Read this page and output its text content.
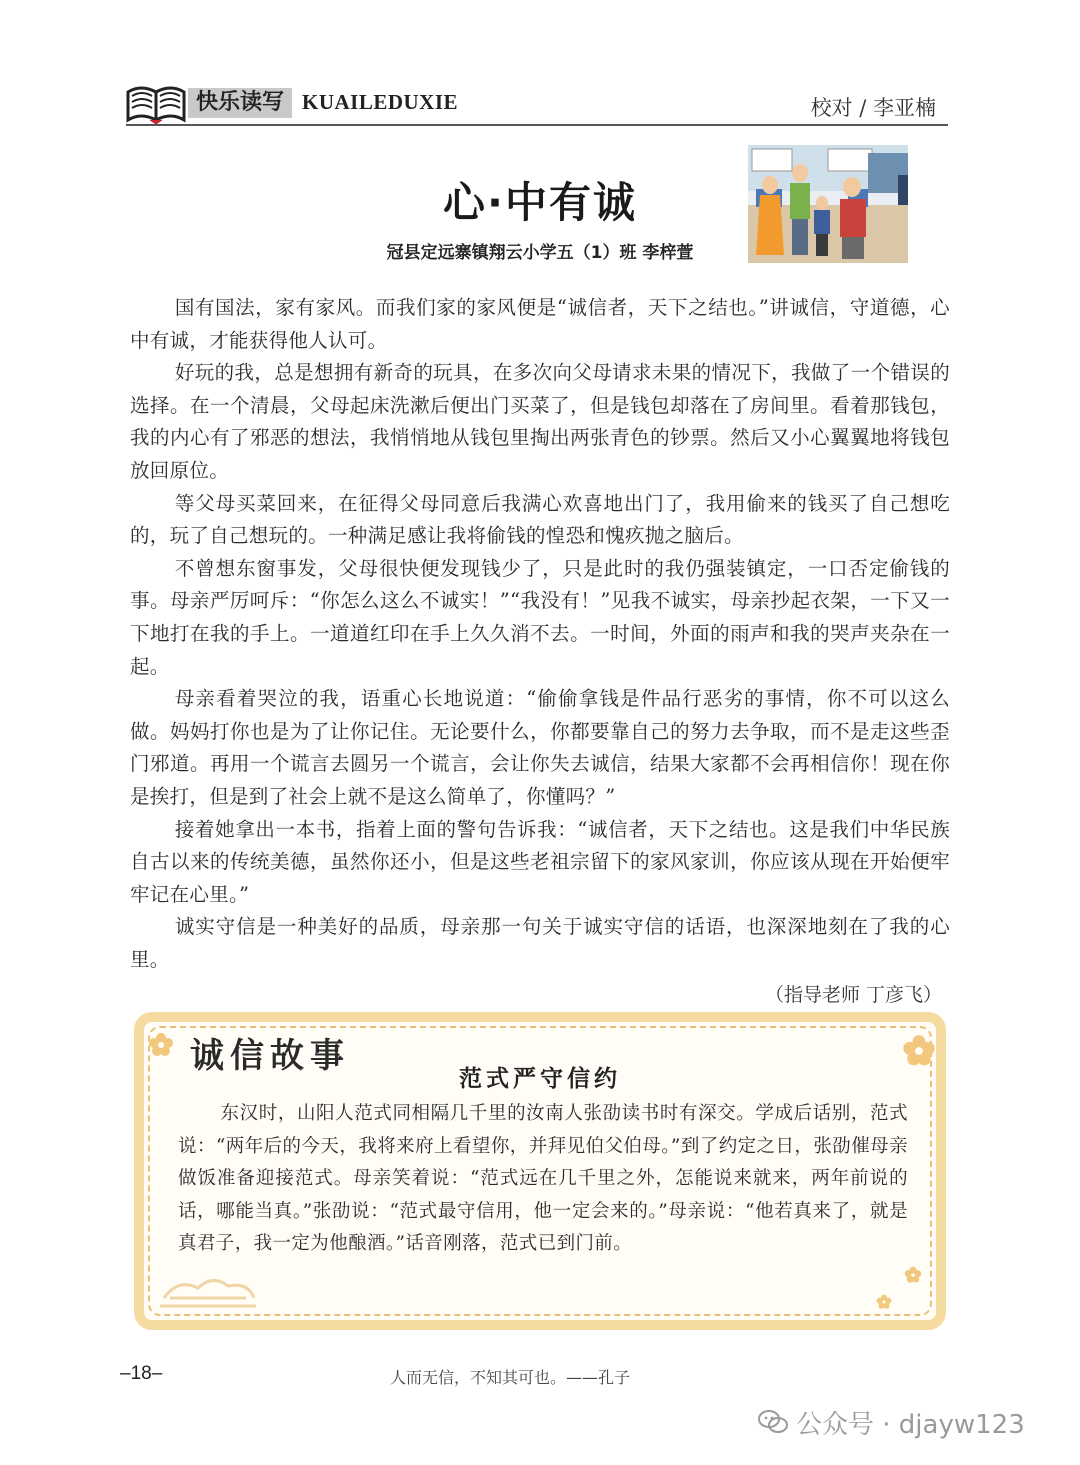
快乐读写 KUAILEDUXIE	校对 / 李亚楠
心·中有诚
冠县定远寨镇翔云小学五（1）班 李梓萱

国有国法，家有家风。而我们家的家风便是“诚信者，天下之结也。”讲诚信，守道德，心中有诚，才能获得他人认可。

好玩的我，总是想拥有新奇的玩具，在多次向父母请求未果的情况下，我做了一个错误的选择。在一个清晨，父母起床洗漱后便出门买菜了，但是钱包却落在了房间里。看着那钱包，我的内心有了邪恶的想法，我悄悄地从钱包里掏出两张青色的钞票。然后又小心翼翼地将钱包放回原位。

等父母买菜回来，在征得父母同意后我满心欢喜地出门了，我用偷来的钱买了自己想吃的，玩了自己想玩的。一种满足感让我将偷钱的惶恐和愧疚抛之脑后。

不曾想东窗事发，父母很快便发现钱少了，只是此时的我仍强装镇定，一口否定偷钱的事。母亲严厉呵斥：“你怎么这么不诚实！”“我没有！”见我不诚实，母亲抄起衣架，一下又一下地打在我的手上。一道道红印在手上久久消不去。一时间，外面的雨声和我的哭声夹杂在一起。

母亲看着哭泣的我，语重心长地说道：“偷偷拿钱是件品行恶劣的事情，你不可以这么做。妈妈打你也是为了让你记住。无论要什么，你都要靠自己的努力去争取，而不是走这些歪门邪道。再用一个谎言去圆另一个谎言，会让你失去诚信，结果大家都不会再相信你！现在你是挨打，但是到了社会上就不是这么简单了，你懂吗？”

接着她拿出一本书，指着上面的警句告诉我：“诚信者，天下之结也。这是我们中华民族自古以来的传统美德，虽然你还小，但是这些老祖宗留下的家风家训，你应该从现在开始便牢牢记在心里。”

诚实守信是一种美好的品质，母亲那一句关于诚实守信的话语，也深深地刻在了我的心里。

（指导老师 丁彦飞）
诚信故事
范式严守信约

东汉时，山阳人范式同相隔几千里的汝南人张劭读书时有深交。学成后话别，范式说：“两年后的今天，我将来府上看望你，并拜见伯父伯母。”到了约定之日，张劭催母亲做饭准备迎接范式。母亲笑着说：“范式远在几千里之外，怎能说来就来，两年前说的话，哪能当真。”张劭说：“范式最守信用，他一定会来的。”母亲说：“他若真来了，就是真君子，我一定为他酿酒。”话音刚落，范式已到门前。

–18–	人而无信，不知其可也。——孔子
公众号 · djayw123
